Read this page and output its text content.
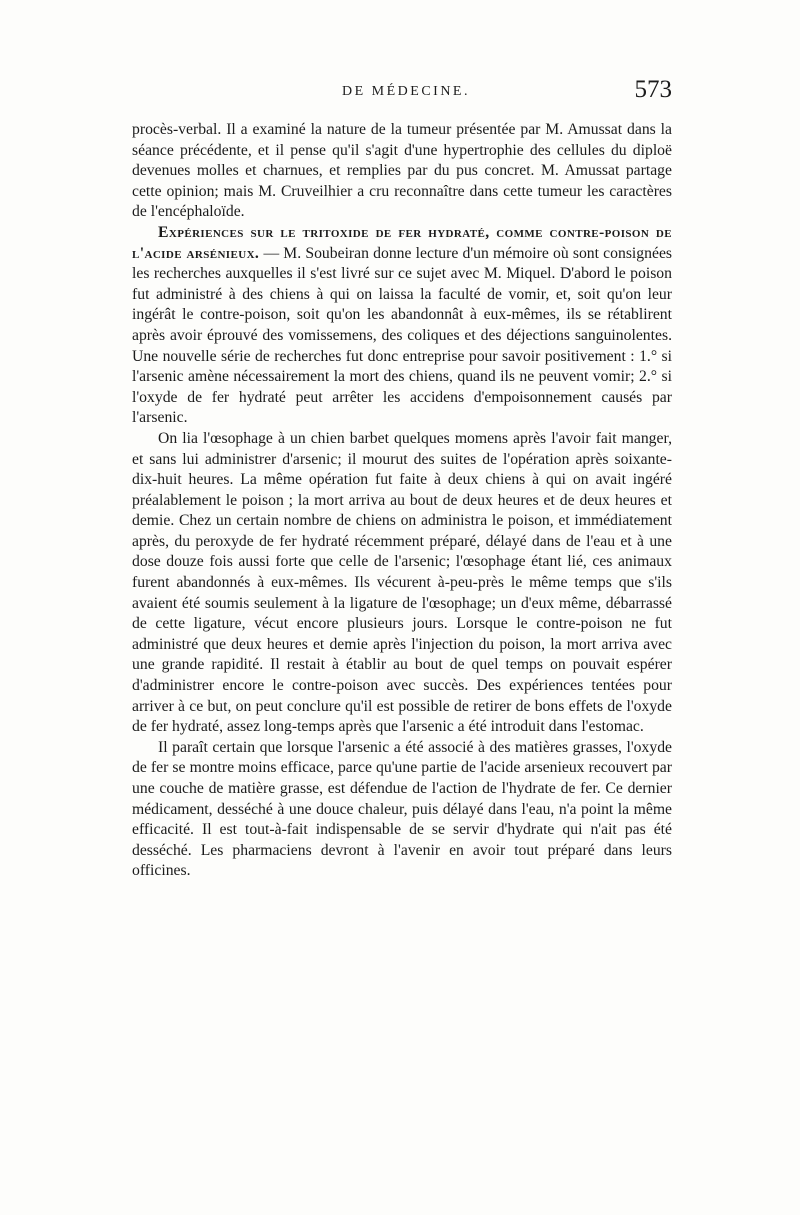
DE MÉDECINE.	573

procès-verbal. Il a examiné la nature de la tumeur présentée par M. Amussat dans la séance précédente, et il pense qu'il s'agit d'une hypertrophie des cellules du diploë devenues molles et charnues, et remplies par du pus concret. M. Amussat partage cette opinion; mais M. Cruveilhier a cru reconnaître dans cette tumeur les caractères de l'encéphaloïde.

Expériences sur le tritoxide de fer hydraté, comme contre-poison de l'acide arsénieux. — M. Soubeiran donne lecture d'un mémoire où sont consignées les recherches auxquelles il s'est livré sur ce sujet avec M. Miquel. D'abord le poison fut administré à des chiens à qui on laissa la faculté de vomir, et, soit qu'on leur ingérât le contre-poison, soit qu'on les abandonnât à eux-mêmes, ils se rétablirent après avoir éprouvé des vomissemens, des coliques et des déjections sanguinolentes. Une nouvelle série de recherches fut donc entreprise pour savoir positivement : 1.° si l'arsenic amène nécessairement la mort des chiens, quand ils ne peuvent vomir; 2.° si l'oxyde de fer hydraté peut arrêter les accidens d'empoisonnement causés par l'arsenic.

On lia l'œsophage à un chien barbet quelques momens après l'avoir fait manger, et sans lui administrer d'arsenic; il mourut des suites de l'opération après soixante-dix-huit heures. La même opération fut faite à deux chiens à qui on avait ingéré préalablement le poison ; la mort arriva au bout de deux heures et de deux heures et demie. Chez un certain nombre de chiens on administra le poison, et immédiatement après, du peroxyde de fer hydraté récemment préparé, délayé dans de l'eau et à une dose douze fois aussi forte que celle de l'arsenic; l'œsophage étant lié, ces animaux furent abandonnés à eux-mêmes. Ils vécurent à-peu-près le même temps que s'ils avaient été soumis seulement à la ligature de l'œsophage; un d'eux même, débarrassé de cette ligature, vécut encore plusieurs jours. Lorsque le contre-poison ne fut administré que deux heures et demie après l'injection du poison, la mort arriva avec une grande rapidité. Il restait à établir au bout de quel temps on pouvait espérer d'administrer encore le contre-poison avec succès. Des expériences tentées pour arriver à ce but, on peut conclure qu'il est possible de retirer de bons effets de l'oxyde de fer hydraté, assez long-temps après que l'arsenic a été introduit dans l'estomac.

Il paraît certain que lorsque l'arsenic a été associé à des matières grasses, l'oxyde de fer se montre moins efficace, parce qu'une partie de l'acide arsenieux recouvert par une couche de matière grasse, est défendue de l'action de l'hydrate de fer. Ce dernier médicament, desséché à une douce chaleur, puis délayé dans l'eau, n'a point la même efficacité. Il est tout-à-fait indispensable de se servir d'hydrate qui n'ait pas été desséché. Les pharmaciens devront à l'avenir en avoir tout préparé dans leurs officines.
